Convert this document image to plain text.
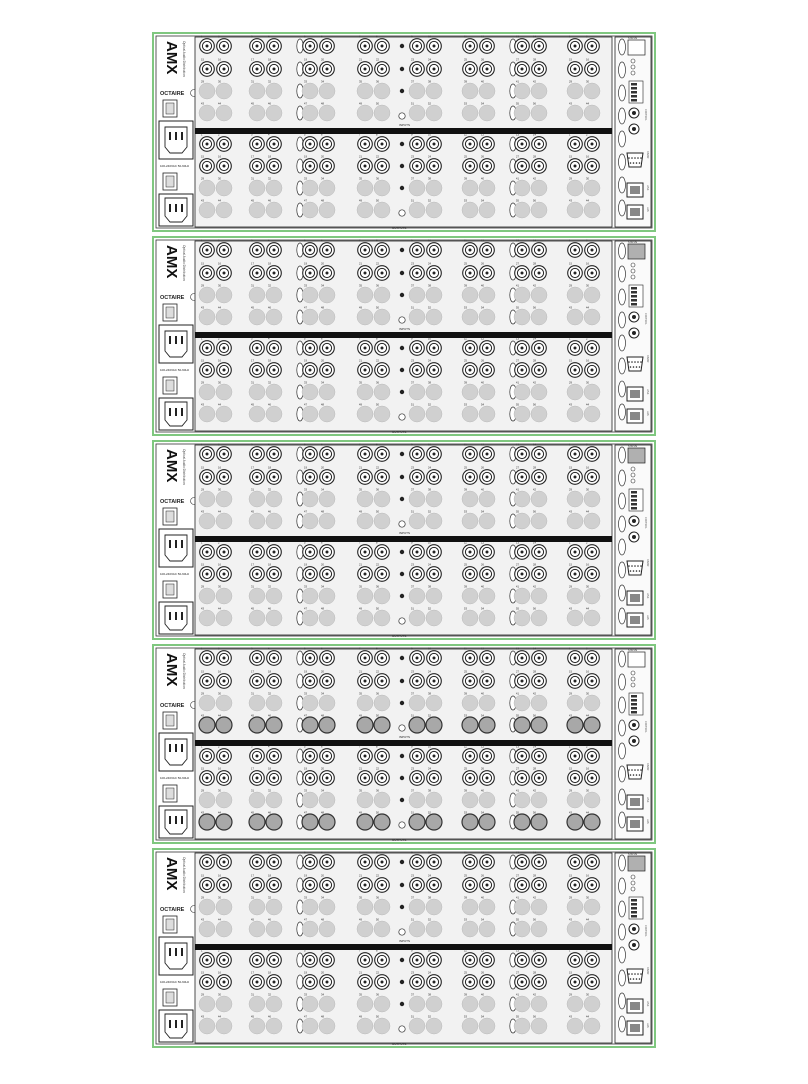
AMX Optical Audio Distribution
OCTAIRE
100-240VAC 50-60Hz
INPUTS
OUTPUTS
1	2	3	4	5	6	7	8	9	10	11	12	13	14	1	2
15	16	17	18	19	20	21	22	23	24	25	26	27	28	15	16
29	30	31	32	33	34	35	36	37	38	39	40	41	42	29	30
43	44	45	46	47	48	49	50	51	52	53	54	55	56	43	44
1	2	3	4	5	6	7	8	9	10	11	12	13	14	1	2
15	16	17	18	19	20	21	22	23	24	25	26	27	28	15	16
29	30	31	32	33	34	35	36	37	38	39	40	41	42	29	30
43	44	45	46	47	48	49	50	51	52	53	54	55	56	43	44
STATUS
CONTROL
RS232
LINK
LAN
AMX Optical Audio Distribution
OCTAIRE
100-240VAC 50-60Hz
INPUTS
OUTPUTS
1	2	3	4	5	6	7	8	9	10	11	12	13	14	1	2
15	16	17	18	19	20	21	22	23	24	25	26	27	28	15	16
29	30	31	32	33	34	35	36	37	38	39	40	41	42	29	30
43	44	45	46	47	48	49	50	51	52	53	54	55	56	43	44
1	2	3	4	5	6	7	8	9	10	11	12	13	14	1	2
15	16	17	18	19	20	21	22	23	24	25	26	27	28	15	16
29	30	31	32	33	34	35	36	37	38	39	40	41	42	29	30
43	44	45	46	47	48	49	50	51	52	53	54	55	56	43	44
STATUS
CONTROL
RS232
LINK
LAN
AMX Optical Audio Distribution
OCTAIRE
100-240VAC 50-60Hz
INPUTS
OUTPUTS
1	2	3	4	5	6	7	8	9	10	11	12	13	14	1	2
15	16	17	18	19	20	21	22	23	24	25	26	27	28	15	16
29	30	31	32	33	34	35	36	37	38	39	40	41	42	29	30
43	44	45	46	47	48	49	50	51	52	53	54	55	56	43	44
1	2	3	4	5	6	7	8	9	10	11	12	13	14	1	2
15	16	17	18	19	20	21	22	23	24	25	26	27	28	15	16
29	30	31	32	33	34	35	36	37	38	39	40	41	42	29	30
43	44	45	46	47	48	49	50	51	52	53	54	55	56	43	44
STATUS
CONTROL
RS232
LINK
LAN
AMX Optical Audio Distribution
OCTAIRE
100-240VAC 50-60Hz
INPUTS
OUTPUTS
1	2	3	4	5	6	7	8	9	10	11	12	13	14	1	2
15	16	17	18	19	20	21	22	23	24	25	26	27	28	15	16
29	30	31	32	33	34	35	36	37	38	39	40	41	42	29	30
43	44	45	46	47	48	49	50	51	52	53	54	55	56	43	44
1	2	3	4	5	6	7	8	9	10	11	12	13	14	1	2
15	16	17	18	19	20	21	22	23	24	25	26	27	28	15	16
29	30	31	32	33	34	35	36	37	38	39	40	41	42	29	30
43	44	45	46	47	48	49	50	51	52	53	54	55	56	43	44
STATUS
CONTROL
RS232
LINK
LAN
AMX Optical Audio Distribution
OCTAIRE
100-240VAC 50-60Hz
INPUTS
OUTPUTS
1	2	3	4	5	6	7	8	9	10	11	12	13	14	1	2
15	16	17	18	19	20	21	22	23	24	25	26	27	28	15	16
29	30	31	32	33	34	35	36	37	38	39	40	41	42	29	30
43	44	45	46	47	48	49	50	51	52	53	54	55	56	43	44
1	2	3	4	5	6	7	8	9	10	11	12	13	14	1	2
15	16	17	18	19	20	21	22	23	24	25	26	27	28	15	16
29	30	31	32	33	34	35	36	37	38	39	40	41	42	29	30
43	44	45	46	47	48	49	50	51	52	53	54	55	56	43	44
STATUS
CONTROL
RS232
LINK
LAN
